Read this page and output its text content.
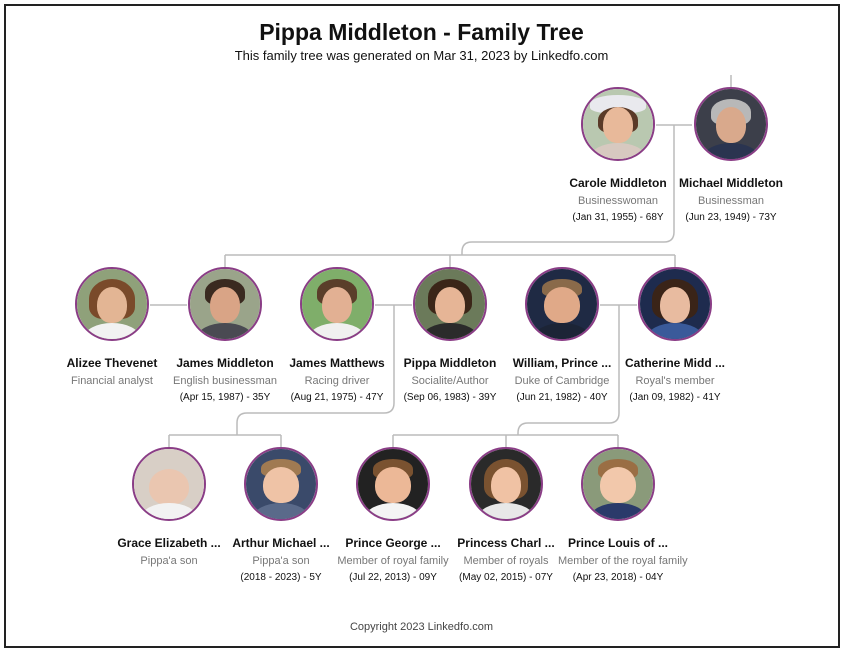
Pippa Middleton - Family Tree
This family tree was generated on Mar 31, 2023 by Linkedfo.com
Carole Middleton
Businesswoman
(Jan 31, 1955) - 68Y
Michael Middleton
Businessman
(Jun 23, 1949) - 73Y
Alizee Thevenet
Financial analyst
James Middleton
English businessman
(Apr 15, 1987) - 35Y
James Matthews
Racing driver
(Aug 21, 1975) - 47Y
Pippa Middleton
Socialite/Author
(Sep 06, 1983) - 39Y
William, Prince ...
Duke of Cambridge
(Jun 21, 1982) - 40Y
Catherine Midd ...
Royal's member
(Jan 09, 1982) - 41Y
Grace Elizabeth ...
Pippa'a son
Arthur Michael ...
Pippa'a son
(2018 - 2023) - 5Y
Prince George ...
Member of royal family
(Jul 22, 2013) - 09Y
Princess Charl ...
Member of royals
(May 02, 2015) - 07Y
Prince Louis of ...
Member of the royal family
(Apr 23, 2018) - 04Y
Copyright 2023 Linkedfo.com
